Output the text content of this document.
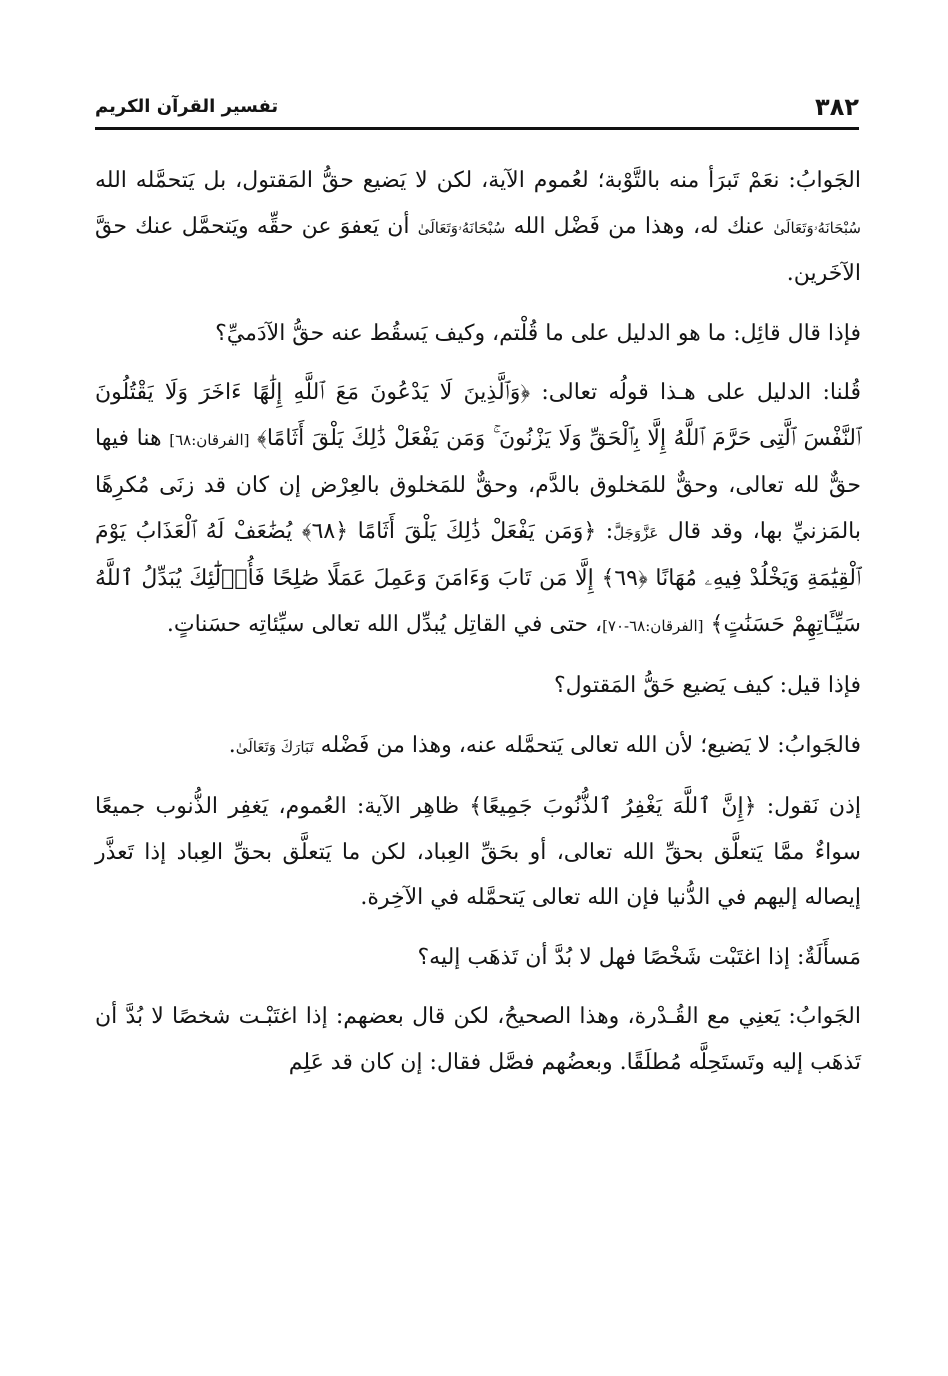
٣٨٢
تفسير القرآن الكريم

الجَوابُ: نعَمْ تَبرَأ منه بالتَّوْبة؛ لعُموم الآية، لكن لا يَضيع حقُّ المَقتول، بل يَتحمَّله الله سُبْحَانَهُۥوَتَعَالَىٰ عنك له، وهذا من فَضْل الله سُبْحَانَهُۥوَتَعَالَىٰ أن يَعفوَ عن حقِّه ويَتحمَّل عنك حقَّ الآخَرين.

فإذا قال قائِل: ما هو الدليل على ما قُلْتم، وكيف يَسقُط عنه حقُّ الآدَميِّ؟

قُلنا: الدليل على هـذا قولُه تعالى: ﴿وَٱلَّذِينَ لَا يَدْعُونَ مَعَ ٱللَّهِ إِلَٰهًا ءَاخَرَ وَلَا يَقْتُلُونَ ٱلنَّفْسَ ٱلَّتِى حَرَّمَ ٱللَّهُ إِلَّا بِٱلْحَقِّ وَلَا يَزْنُونَ ۚ وَمَن يَفْعَلْ ذَٰلِكَ يَلْقَ أَثَامًا﴾ [الفرقان:٦٨] هنا فيها حقٌّ لله تعالى، وحقٌّ للمَخلوق بالدَّم، وحقٌّ للمَخلوق بالعِرْض إن كان قد زنَى مُكرِهًا بالمَزنيِّ بها، وقد قال عَزَّوَجَلَّ: ﴿وَمَن يَفْعَلْ ذَٰلِكَ يَلْقَ أَثَامًا ﴿٦٨﴾ يُضَٰعَفْ لَهُ ٱلْعَذَابُ يَوْمَ ٱلْقِيَٰمَةِ وَيَخْلُدْ فِيهِۦ مُهَانًا ﴿٦٩﴾ إِلَّا مَن تَابَ وَءَامَنَ وَعَمِلَ عَمَلًا صَٰلِحًا فَأُو۟لَٰٓئِكَ يُبَدِّلُ ٱللَّهُ سَيِّـَٔاتِهِمْ حَسَنَٰتٍ﴾ [الفرقان:٦٨-٧٠]، حتى في القاتِل يُبدِّل الله تعالى سيِّئاتِه حسَناتٍ.

فإذا قيل: كيف يَضيع حَقُّ المَقتول؟

فالجَوابُ: لا يَضيع؛ لأن الله تعالى يَتحمَّله عنه، وهذا من فَضْله تَبَارَكَ وَتَعَالَىٰ.

إذن نَقول: ﴿إِنَّ ٱللَّهَ يَغْفِرُ ٱلذُّنُوبَ جَمِيعًا﴾ ظاهِر الآية: العُموم، يَغفِر الذُّنوب جميعًا سواءٌ ممَّا يَتعلَّق بحقِّ الله تعالى، أو بحَقِّ العِباد، لكن ما يَتعلَّق بحقِّ العِباد إذا تَعذَّر إيصاله إليهم في الدُّنيا فإن الله تعالى يَتحمَّله في الآخِرة.

مَسأَلَةٌ: إذا اغتَبْت شَخْصًا فهل لا بُدَّ أن تَذهَب إليه؟

الجَوابُ: يَعنِي مع القُـدْرة، وهذا الصحيحُ، لكن قال بعضهم: إذا اغتَبْـت شخصًا لا بُدَّ أن تَذهَب إليه وتَستَحِلَّه مُطلَقًا. وبعضُهم فصَّل فقال: إن كان قد عَلِم
